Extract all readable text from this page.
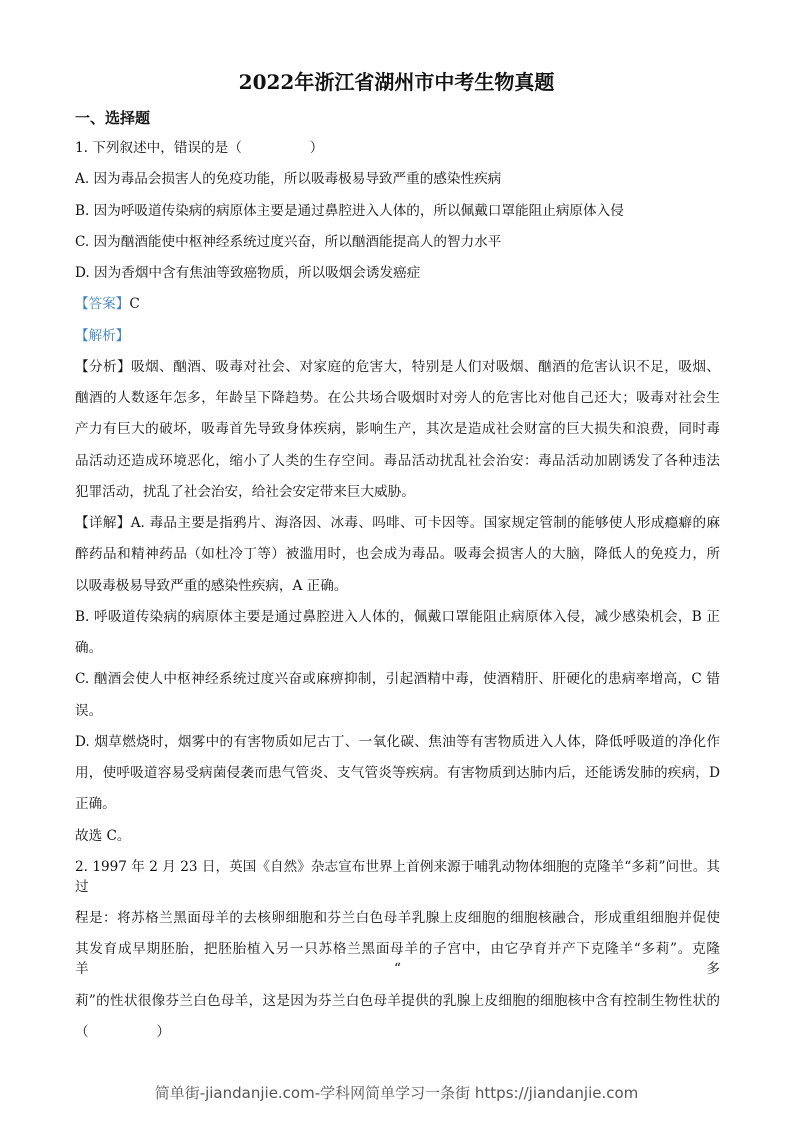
2022年浙江省湖州市中考生物真题
一、选择题
1. 下列叙述中，错误的是（　　　　　）
A. 因为毒品会损害人的免疫功能，所以吸毒极易导致严重的感染性疾病
B. 因为呼吸道传染病的病原体主要是通过鼻腔进入人体的，所以佩戴口罩能阻止病原体入侵
C. 因为酗酒能使中枢神经系统过度兴奋，所以酗酒能提高人的智力水平
D. 因为香烟中含有焦油等致癌物质，所以吸烟会诱发癌症
【答案】C
【解析】
【分析】吸烟、酗酒、吸毒对社会、对家庭的危害大，特别是人们对吸烟、酗酒的危害认识不足，吸烟、
酗酒的人数逐年怎多，年龄呈下降趋势。在公共场合吸烟时对旁人的危害比对他自己还大；吸毒对社会生
产力有巨大的破坏，吸毒首先导致身体疾病，影响生产，其次是造成社会财富的巨大损失和浪费，同时毒
品活动还造成环境恶化，缩小了人类的生存空间。毒品活动扰乱社会治安：毒品活动加剧诱发了各种违法
犯罪活动，扰乱了社会治安，给社会安定带来巨大威胁。
【详解】A. 毒品主要是指鸦片、海洛因、冰毒、吗啡、可卡因等。国家规定管制的能够使人形成瘾癖的麻
醉药品和精神药品（如杜冷丁等）被滥用时，也会成为毒品。吸毒会损害人的大脑，降低人的免疫力，所
以吸毒极易导致严重的感染性疾病，A 正确。
B. 呼吸道传染病的病原体主要是通过鼻腔进入人体的，佩戴口罩能阻止病原体入侵，减少感染机会，B 正
确。
C. 酗酒会使人中枢神经系统过度兴奋或麻痹抑制，引起酒精中毒，使酒精肝、肝硬化的患病率增高，C 错
误。
D. 烟草燃烧时，烟雾中的有害物质如尼古丁、一氧化碳、焦油等有害物质进入人体，降低呼吸道的净化作
用，使呼吸道容易受病菌侵袭而患气管炎、支气管炎等疾病。有害物质到达肺内后，还能诱发肺的疾病，D
正确。
故选 C。
2. 1997 年 2 月 23 日，英国《自然》杂志宣布世界上首例来源于哺乳动物体细胞的克隆羊“多莉”问世。其过
程是：将苏格兰黑面母羊的去核卵细胞和芬兰白色母羊乳腺上皮细胞的细胞核融合，形成重组细胞并促使
其发育成早期胚胎，把胚胎植入另一只苏格兰黑面母羊的子宫中，由它孕育并产下克隆羊“多莉”。克隆羊“多
莉”的性状很像芬兰白色母羊，这是因为芬兰白色母羊提供的乳腺上皮细胞的细胞核中含有控制生物性状的
（　　　　　）
简单街-jiandanjie.com-学科网简单学习一条街 https://jiandanjie.com
